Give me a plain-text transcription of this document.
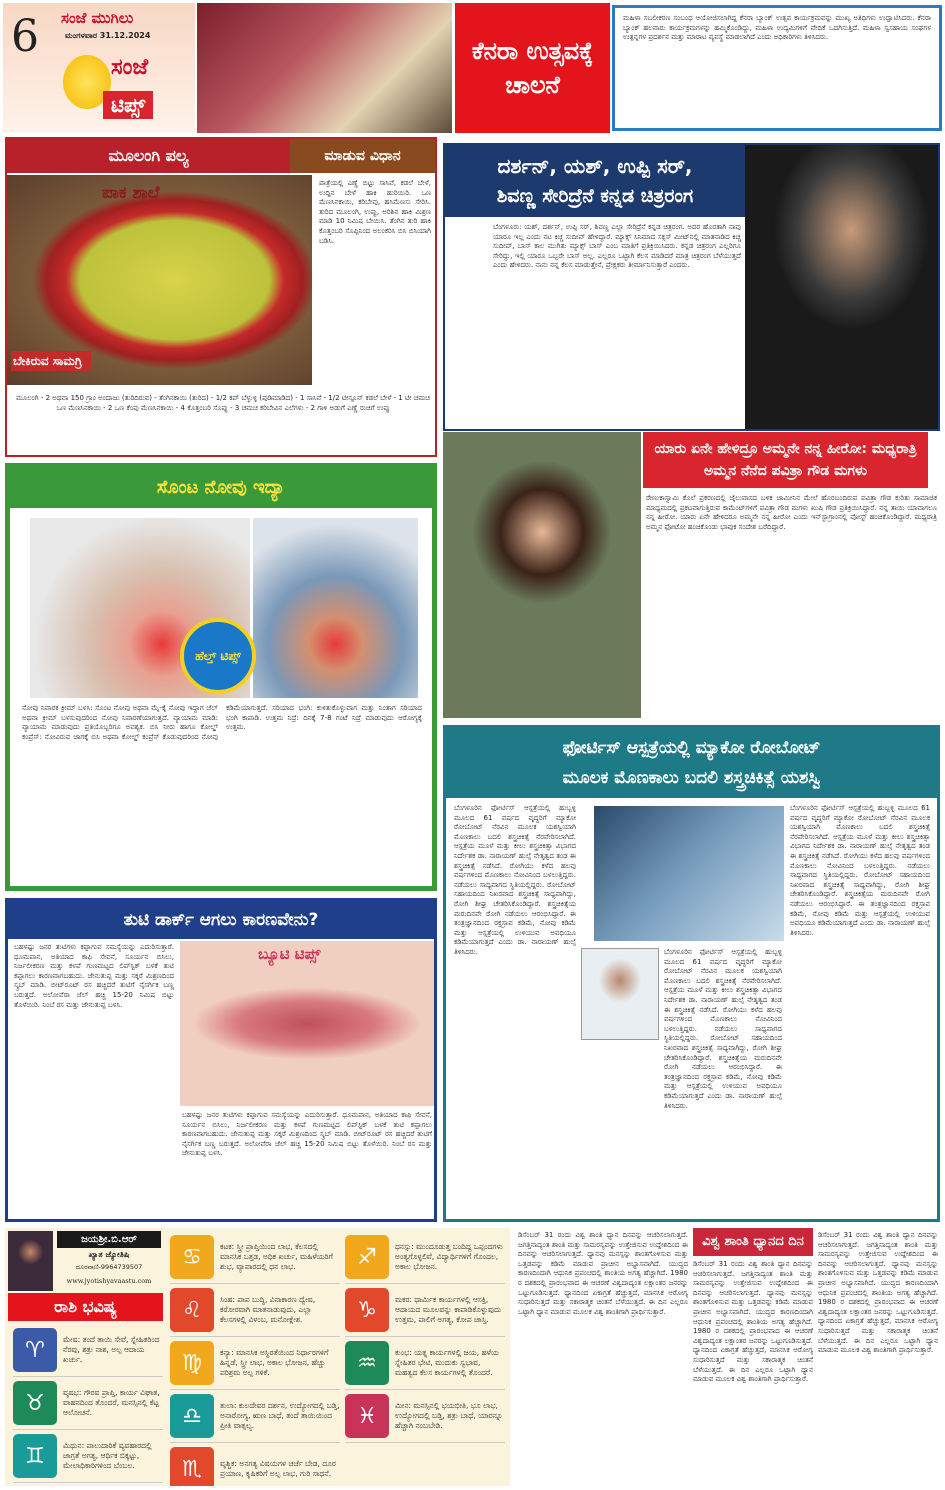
6 ಸಂಜೆ ಮುಗಿಲು
ಮಂಗಳವಾರ 31.12.2024
ಸಂಜೆ
ಟಿಪ್ಸ್
ಕೆನರಾ ಉತ್ಸವಕ್ಕೆ ಚಾಲನೆ
ಮಹಿಳಾ ಸಬಲೀಕರಣ ಸಂಬಂಧ ಆಯೋಜಿಸಲಾಗಿದ್ದ ಕೆನರಾ ಬ್ಯಾಂಕ್ ಉತ್ಸವ ಕಾರ್ಯಕ್ರಮವನ್ನು ಮುಖ್ಯ ಅತಿಥಿಗಳು ಉದ್ಘಾಟಿಸಿದರು. ಕೆನರಾ ಬ್ಯಾಂಕ್ ಹಲವಾರು ಕಾರ್ಯಕ್ರಮಗಳನ್ನು ಹಮ್ಮಿಕೊಂಡಿದ್ದು, ಮಹಿಳಾ ಉದ್ಯಮಿಗಳಿಗೆ ವೇದಿಕೆ ಒದಗಿಸುತ್ತಿದೆ. ಮಹಿಳಾ ಸ್ವಸಹಾಯ ಸಂಘಗಳ ಉತ್ಪನ್ನಗಳ ಪ್ರದರ್ಶನ ಮತ್ತು ಮಾರಾಟ ವ್ಯವಸ್ಥೆ ಮಾಡಲಾಗಿದೆ ಎಂದು ಅಧಿಕಾರಿಗಳು ತಿಳಿಸಿದರು.
ಮೂಲಂಗಿ ಪಲ್ಯ	ಮಾಡುವ ವಿಧಾನ
ಪಾಕ ಶಾಲೆ
ಬೇಕಿರುವ ಸಾಮಗ್ರಿ
ಪಾತ್ರೆಯಲ್ಲಿ ಎಣ್ಣೆ ಬಿಟ್ಟು ಸಾಸಿವೆ, ಕಡಲೆ ಬೇಳೆ, ಉದ್ದಿನ ಬೇಳೆ ಹಾಕಿ ಹುರಿಯಿರಿ. ಒಣ ಮೆಣಸಿನಕಾಯಿ, ಕರಿಬೇವು, ಹಸಿಮೆಣಸು ಸೇರಿಸಿ. ತುರಿದ ಮೂಲಂಗಿ, ಉಪ್ಪು, ಅರಿಶಿನ ಹಾಕಿ ಮಿಶ್ರಣ ಮಾಡಿ 10 ನಿಮಿಷ ಬೇಯಿಸಿ. ತೆಂಗಿನ ತುರಿ ಹಾಕಿ ಕೊತ್ತಂಬರಿ ಸೊಪ್ಪಿನಿಂದ ಅಲಂಕರಿಸಿ ಬಿಸಿ ಬಿಸಿಯಾಗಿ ಬಡಿಸಿ.
ಮೂಲಂಗಿ - 2 ಅಥವಾ 150 ಗ್ರಾಂ ಅಂದಾಜು (ತುರಿದಿರುವ) - ತೆಂಗಿನಕಾಯಿ (ತುರಿದ) - 1/2 ಕಪ್ ಬೆಳ್ಳುಳ್ಳಿ (ಪುಡಿಮಾಡಿದ) - 1 ಸಾಸಿವೆ - 1/2 ಟೀಸ್ಪೂನ್ ಕಡಲೆ ಬೇಳೆ - 1 ಟೀ ಚಮಚ ಒಣ ಮೆಣಸಿನಕಾಯಿ - 2 ಒಣ ಕೆಂಪು ಮೆಣಸಿನಕಾಯಿ - 4 ಕೊತ್ತಂಬರಿ ಸೊಪ್ಪು - 3 ಚಮಚ ಕರಿಬೇವಿನ ಎಲೆಗಳು - 2 ಗಾಳಿ ಅಡುಗೆ ಎಣ್ಣೆ ರುಚಿಗೆ ಉಪ್ಪು
ಸೊಂಟ ನೋವು ಇದ್ಯಾ
ಹೆಲ್ತ್ ಟಿಪ್ಸ್
ನೋವು ನಿವಾರಕ ಕ್ರೀಮ್ ಬಳಸಿ: ಸೊಂಟ ನೋವು ಅಥವಾ ಮೈ-ಕೈ ನೋವು ಇದ್ದಾಗ ಜೆಲ್ ಅಥವಾ ಕ್ರೀಮ್ ಬಳಸುವುದರಿಂದ ನೋವು ನಿವಾರಣೆಯಾಗುತ್ತದೆ. ವ್ಯಾಯಾಮ ಮಾಡಿ: ವ್ಯಾಯಾಮ ಮಾಡುವುದು ಪ್ರತಿಯೊಬ್ಬರಿಗೂ ಅವಶ್ಯಕ. ಬಿಸಿ ನೀರು ಹಾಗೂ ಕೋಲ್ಡ್ ಕಂಪ್ರೆಸ್: ನೋವಿರುವ ಜಾಗಕ್ಕೆ ಬಿಸಿ ಅಥವಾ ಕೋಲ್ಡ್ ಕಂಪ್ರೆಸ್ ಕೊಡುವುದರಿಂದ ನೋವು ಕಡಿಮೆಯಾಗುತ್ತದೆ. ಸರಿಯಾದ ಭಂಗಿ: ಕುಳಿತುಕೊಳ್ಳುವಾಗ ಮತ್ತು ನಿಂತಾಗ ಸರಿಯಾದ ಭಂಗಿ ಕಾಪಾಡಿ. ಉತ್ತಮ ನಿದ್ರೆ: ದಿನಕ್ಕೆ 7-8 ಗಂಟೆ ನಿದ್ರೆ ಮಾಡುವುದು ಆರೋಗ್ಯಕ್ಕೆ ಉತ್ತಮ.
ತುಟಿ ಡಾರ್ಕ್ ಆಗಲು ಕಾರಣವೇನು?
ಬ್ಯೂಟಿ ಟಿಪ್ಸ್
ಬಹಳಷ್ಟು ಜನರ ತುಟಿಗಳು ಕಪ್ಪಾಗುವ ಸಮಸ್ಯೆಯನ್ನು ಎದುರಿಸುತ್ತಾರೆ. ಧೂಮಪಾನ, ಅತಿಯಾದ ಕಾಫಿ ಸೇವನೆ, ಸೂರ್ಯನ ಬಿಸಿಲು, ನಿರ್ಜಲೀಕರಣ ಮತ್ತು ಕಳಪೆ ಗುಣಮಟ್ಟದ ಲಿಪ್‌ಸ್ಟಿಕ್ ಬಳಕೆ ತುಟಿ ಕಪ್ಪಾಗಲು ಕಾರಣವಾಗಬಹುದು. ಜೇನುತುಪ್ಪ ಮತ್ತು ಸಕ್ಕರೆ ಮಿಶ್ರಣದಿಂದ ಸ್ಕ್ರಬ್ ಮಾಡಿ. ಬೀಟ್‌ರೂಟ್ ರಸ ಹಚ್ಚಿದರೆ ತುಟಿಗೆ ನೈಸರ್ಗಿಕ ಬಣ್ಣ ಬರುತ್ತದೆ. ಅಲೋವೆರಾ ಜೆಲ್ ಹಚ್ಚಿ 15-20 ನಿಮಿಷ ಬಿಟ್ಟು ತೊಳೆಯಿರಿ. ನಿಂಬೆ ರಸ ಮತ್ತು ಜೇನುತುಪ್ಪ ಬಳಸಿ.
ಬಹಳಷ್ಟು ಜನರ ತುಟಿಗಳು ಕಪ್ಪಾಗುವ ಸಮಸ್ಯೆಯನ್ನು ಎದುರಿಸುತ್ತಾರೆ. ಧೂಮಪಾನ, ಅತಿಯಾದ ಕಾಫಿ ಸೇವನೆ, ಸೂರ್ಯನ ಬಿಸಿಲು, ನಿರ್ಜಲೀಕರಣ ಮತ್ತು ಕಳಪೆ ಗುಣಮಟ್ಟದ ಲಿಪ್‌ಸ್ಟಿಕ್ ಬಳಕೆ ತುಟಿ ಕಪ್ಪಾಗಲು ಕಾರಣವಾಗಬಹುದು. ಜೇನುತುಪ್ಪ ಮತ್ತು ಸಕ್ಕರೆ ಮಿಶ್ರಣದಿಂದ ಸ್ಕ್ರಬ್ ಮಾಡಿ. ಬೀಟ್‌ರೂಟ್ ರಸ ಹಚ್ಚಿದರೆ ತುಟಿಗೆ ನೈಸರ್ಗಿಕ ಬಣ್ಣ ಬರುತ್ತದೆ. ಅಲೋವೆರಾ ಜೆಲ್ ಹಚ್ಚಿ 15-20 ನಿಮಿಷ ಬಿಟ್ಟು ತೊಳೆಯಿರಿ. ನಿಂಬೆ ರಸ ಮತ್ತು ಜೇನುತುಪ್ಪ ಬಳಸಿ.
ದರ್ಶನ್, ಯಶ್, ಉಪ್ಪಿ ಸರ್,
ಶಿವಣ್ಣ ಸೇರಿದ್ರೆನೆ ಕನ್ನಡ ಚಿತ್ರರಂಗ
ಬೆಂಗಳೂರು: ಯಶ್, ದರ್ಶನ್, ಉಪ್ಪಿ ಸರ್, ಶಿವಣ್ಣ ಎಲ್ಲಾ ಸೇರಿದ್ರೆನೆ ಕನ್ನಡ ಚಿತ್ರರಂಗ. ಅದರ ಹೊರತಾಗಿ ನಾವು ಯಾರೂ ಇಲ್ಲ ಎಂದು ನಟ ಕಿಚ್ಚ ಸುದೀಪ್ ಹೇಳಿದ್ದಾರೆ. ಮ್ಯಾಕ್ಸ್ ಸಿನಿಮಾದ ಸಕ್ಸಸ್ ಮೀಟ್‌ನಲ್ಲಿ ಮಾತನಾಡಿದ ಕಿಚ್ಚ ಸುದೀಪ್, ಬಾಸ್ ಕಾಲ ಮುಗಿತು ಮ್ಯಾಕ್ಸ್ ಬಾಸ್ ಎಂಬ ಮಾತಿಗೆ ಪ್ರತಿಕ್ರಿಯಿಸಿದರು. ಕನ್ನಡ ಚಿತ್ರರಂಗ ಎಲ್ಲರಿಗೂ ಸೇರಿದ್ದು, ಇಲ್ಲಿ ಯಾರೂ ಒಬ್ಬರೇ ಬಾಸ್ ಅಲ್ಲ. ಎಲ್ಲರೂ ಒಟ್ಟಾಗಿ ಕೆಲಸ ಮಾಡಿದರೆ ಮಾತ್ರ ಚಿತ್ರರಂಗ ಬೆಳೆಯುತ್ತದೆ ಎಂದು ಹೇಳಿದರು. ನಾನು ನನ್ನ ಕೆಲಸ ಮಾಡುತ್ತೇನೆ, ಪ್ರೇಕ್ಷಕರು ತೀರ್ಮಾನಿಸುತ್ತಾರೆ ಎಂದರು.
ಯಾರು ಏನೇ ಹೇಳಿದ್ರೂ ಅಮ್ಮನೇ ನನ್ನ ಹೀರೋ: ಮಧ್ಯರಾತ್ರಿ ಅಮ್ಮನ ನೆನೆದ ಪವಿತ್ರಾ ಗೌಡ ಮಗಳು
ರೇಣುಕಾಸ್ವಾಮಿ ಕೊಲೆ ಪ್ರಕರಣದಲ್ಲಿ ಜೈಲುವಾಸದ ಬಳಿಕ ಜಾಮೀನಿನ ಮೇಲೆ ಹೊರಬಂದಿರುವ ಪವಿತ್ರಾ ಗೌಡ ಕುರಿತು ಸಾಮಾಜಿಕ ಮಾಧ್ಯಮದಲ್ಲಿ ಪ್ರಕಟವಾಗುತ್ತಿರುವ ಕಾಮೆಂಟ್‌ಗಳಿಗೆ ಪವಿತ್ರಾ ಗೌಡ ಮಗಳು ಖುಷಿ ಗೌಡ ಪ್ರತಿಕ್ರಿಯಿಸಿದ್ದಾರೆ. ನನ್ನ ತಾಯಿ ಯಾವಾಗಲೂ ನನ್ನ ಹೀರೋ. ಯಾರು ಏನೇ ಹೇಳಿದರೂ ಅಮ್ಮನೇ ನನ್ನ ಹೀರೋ ಎಂದು ಇನ್‌ಸ್ಟಾಗ್ರಾಂನಲ್ಲಿ ಪೋಸ್ಟ್ ಹಂಚಿಕೊಂಡಿದ್ದಾರೆ. ಮಧ್ಯರಾತ್ರಿ ಅಮ್ಮನ ಫೋಟೋ ಹಂಚಿಕೊಂಡು ಭಾವುಕ ಸಂದೇಶ ಬರೆದಿದ್ದಾರೆ.
ಫೋರ್ಟಿಸ್ ಆಸ್ಪತ್ರೆಯಲ್ಲಿ ಮ್ಯಾಕೋ ರೋಬೋಟ್
ಮೂಲಕ ಮೊಣಕಾಲು ಬದಲಿ ಶಸ್ತ್ರಚಿಕಿತ್ಸೆ ಯಶಸ್ವಿ
ಬೆಂಗಳೂರಿನ ಫೋರ್ಟಿಸ್ ಆಸ್ಪತ್ರೆಯಲ್ಲಿ ಹುಬ್ಬಳ್ಳಿ ಮೂಲದ 61 ವರ್ಷದ ವೃದ್ಧರಿಗೆ ಮ್ಯಾಕೋ ರೋಬೋಟ್ ನೆರವಿನ ಮೂಲಕ ಯಶಸ್ವಿಯಾಗಿ ಮೊಣಕಾಲು ಬದಲಿ ಶಸ್ತ್ರಚಿಕಿತ್ಸೆ ನೆರವೇರಿಸಲಾಗಿದೆ. ಆಸ್ಪತ್ರೆಯ ಮೂಳೆ ಮತ್ತು ಕೀಲು ಶಸ್ತ್ರಚಿಕಿತ್ಸಾ ವಿಭಾಗದ ನಿರ್ದೇಶಕ ಡಾ. ನಾರಾಯಣ್ ಹುಲ್ಸೆ ನೇತೃತ್ವದ ತಂಡ ಈ ಶಸ್ತ್ರಚಿಕಿತ್ಸೆ ನಡೆಸಿದೆ. ರೋಗಿಯು ಕಳೆದ ಹಲವು ವರ್ಷಗಳಿಂದ ಮೊಣಕಾಲು ನೋವಿನಿಂದ ಬಳಲುತ್ತಿದ್ದರು. ನಡೆಯಲು ಸಾಧ್ಯವಾಗದ ಸ್ಥಿತಿಯಲ್ಲಿದ್ದರು. ರೋಬೋಟ್ ಸಹಾಯದಿಂದ ನಿಖರವಾದ ಶಸ್ತ್ರಚಿಕಿತ್ಸೆ ಸಾಧ್ಯವಾಗಿದ್ದು, ರೋಗಿ ಶೀಘ್ರ ಚೇತರಿಸಿಕೊಂಡಿದ್ದಾರೆ. ಶಸ್ತ್ರಚಿಕಿತ್ಸೆಯ ಮರುದಿನವೇ ರೋಗಿ ನಡೆಯಲು ಆರಂಭಿಸಿದ್ದಾರೆ. ಈ ತಂತ್ರಜ್ಞಾನದಿಂದ ರಕ್ತಸ್ರಾವ ಕಡಿಮೆ, ನೋವು ಕಡಿಮೆ ಮತ್ತು ಆಸ್ಪತ್ರೆಯಲ್ಲಿ ಉಳಿಯುವ ಅವಧಿಯೂ ಕಡಿಮೆಯಾಗುತ್ತದೆ ಎಂದು ಡಾ. ನಾರಾಯಣ್ ಹುಲ್ಸೆ ತಿಳಿಸಿದರು.	ಬೆಂಗಳೂರಿನ ಫೋರ್ಟಿಸ್ ಆಸ್ಪತ್ರೆಯಲ್ಲಿ ಹುಬ್ಬಳ್ಳಿ ಮೂಲದ 61 ವರ್ಷದ ವೃದ್ಧರಿಗೆ ಮ್ಯಾಕೋ ರೋಬೋಟ್ ನೆರವಿನ ಮೂಲಕ ಯಶಸ್ವಿಯಾಗಿ ಮೊಣಕಾಲು ಬದಲಿ ಶಸ್ತ್ರಚಿಕಿತ್ಸೆ ನೆರವೇರಿಸಲಾಗಿದೆ. ಆಸ್ಪತ್ರೆಯ ಮೂಳೆ ಮತ್ತು ಕೀಲು ಶಸ್ತ್ರಚಿಕಿತ್ಸಾ ವಿಭಾಗದ ನಿರ್ದೇಶಕ ಡಾ. ನಾರಾಯಣ್ ಹುಲ್ಸೆ ನೇತೃತ್ವದ ತಂಡ ಈ ಶಸ್ತ್ರಚಿಕಿತ್ಸೆ ನಡೆಸಿದೆ. ರೋಗಿಯು ಕಳೆದ ಹಲವು ವರ್ಷಗಳಿಂದ ಮೊಣಕಾಲು ನೋವಿನಿಂದ ಬಳಲುತ್ತಿದ್ದರು. ನಡೆಯಲು ಸಾಧ್ಯವಾಗದ ಸ್ಥಿತಿಯಲ್ಲಿದ್ದರು. ರೋಬೋಟ್ ಸಹಾಯದಿಂದ ನಿಖರವಾದ ಶಸ್ತ್ರಚಿಕಿತ್ಸೆ ಸಾಧ್ಯವಾಗಿದ್ದು, ರೋಗಿ ಶೀಘ್ರ ಚೇತರಿಸಿಕೊಂಡಿದ್ದಾರೆ. ಶಸ್ತ್ರಚಿಕಿತ್ಸೆಯ ಮರುದಿನವೇ ರೋಗಿ ನಡೆಯಲು ಆರಂಭಿಸಿದ್ದಾರೆ. ಈ ತಂತ್ರಜ್ಞಾನದಿಂದ ರಕ್ತಸ್ರಾವ ಕಡಿಮೆ, ನೋವು ಕಡಿಮೆ ಮತ್ತು ಆಸ್ಪತ್ರೆಯಲ್ಲಿ ಉಳಿಯುವ ಅವಧಿಯೂ ಕಡಿಮೆಯಾಗುತ್ತದೆ ಎಂದು ಡಾ. ನಾರಾಯಣ್ ಹುಲ್ಸೆ ತಿಳಿಸಿದರು.
ಬೆಂಗಳೂರಿನ ಫೋರ್ಟಿಸ್ ಆಸ್ಪತ್ರೆಯಲ್ಲಿ ಹುಬ್ಬಳ್ಳಿ ಮೂಲದ 61 ವರ್ಷದ ವೃದ್ಧರಿಗೆ ಮ್ಯಾಕೋ ರೋಬೋಟ್ ನೆರವಿನ ಮೂಲಕ ಯಶಸ್ವಿಯಾಗಿ ಮೊಣಕಾಲು ಬದಲಿ ಶಸ್ತ್ರಚಿಕಿತ್ಸೆ ನೆರವೇರಿಸಲಾಗಿದೆ. ಆಸ್ಪತ್ರೆಯ ಮೂಳೆ ಮತ್ತು ಕೀಲು ಶಸ್ತ್ರಚಿಕಿತ್ಸಾ ವಿಭಾಗದ ನಿರ್ದೇಶಕ ಡಾ. ನಾರಾಯಣ್ ಹುಲ್ಸೆ ನೇತೃತ್ವದ ತಂಡ ಈ ಶಸ್ತ್ರಚಿಕಿತ್ಸೆ ನಡೆಸಿದೆ. ರೋಗಿಯು ಕಳೆದ ಹಲವು ವರ್ಷಗಳಿಂದ ಮೊಣಕಾಲು ನೋವಿನಿಂದ ಬಳಲುತ್ತಿದ್ದರು. ನಡೆಯಲು ಸಾಧ್ಯವಾಗದ ಸ್ಥಿತಿಯಲ್ಲಿದ್ದರು. ರೋಬೋಟ್ ಸಹಾಯದಿಂದ ನಿಖರವಾದ ಶಸ್ತ್ರಚಿಕಿತ್ಸೆ ಸಾಧ್ಯವಾಗಿದ್ದು, ರೋಗಿ ಶೀಘ್ರ ಚೇತರಿಸಿಕೊಂಡಿದ್ದಾರೆ. ಶಸ್ತ್ರಚಿಕಿತ್ಸೆಯ ಮರುದಿನವೇ ರೋಗಿ ನಡೆಯಲು ಆರಂಭಿಸಿದ್ದಾರೆ. ಈ ತಂತ್ರಜ್ಞಾನದಿಂದ ರಕ್ತಸ್ರಾವ ಕಡಿಮೆ, ನೋವು ಕಡಿಮೆ ಮತ್ತು ಆಸ್ಪತ್ರೆಯಲ್ಲಿ ಉಳಿಯುವ ಅವಧಿಯೂ ಕಡಿಮೆಯಾಗುತ್ತದೆ ಎಂದು ಡಾ. ನಾರಾಯಣ್ ಹುಲ್ಸೆ ತಿಳಿಸಿದರು.
ಜಯಶ್ರೀ.ಬಿ.ಆರ್
ಖ್ಯಾತ ಜ್ಯೋತಿಷಿ
ದೂರವಾಣಿ-9964739507
www.jyotishyavaastu.com
ರಾಶಿ ಭವಿಷ್ಯ
♈	ಮೇಷ: ತಂದೆ ತಾಯಿ ಸೇವೆ, ಸ್ನೇಹಿತರಿಂದ ನೆರವು, ಶತ್ರು ನಾಶ, ಅಲ್ಪ ಆದಾಯ ಖರ್ಚು.
♉	ವೃಷಭ: ಗೌರವ ಪ್ರಾಪ್ತಿ, ಕಾರ್ಯ ವಿಘಾತ, ವಾಹನದಿಂದ ತೊಂದರೆ, ಮನಸ್ಸಿನಲ್ಲಿ ಕೆಟ್ಟ ಆಲೋಚನೆ.
♊	ಮಿಥುನ: ಪಾಲುದಾರಿಕೆ ವ್ಯವಹಾರದಲ್ಲಿ ಜಾಗ್ರತೆ ಅಗತ್ಯ, ಆರ್ಥಿಕ ಬಿಕ್ಕಟ್ಟು, ಮೇಲಾಧಿಕಾರಿಗಳಿಂದ ಬೆಂಬಲ.
♋	ಕಟಕ: ಸ್ತ್ರೀ ಪ್ರಾಪ್ತಿಯಿಂದ ಲಾಭ, ಕೆಲಸದಲ್ಲಿ ಮಾನಸಿಕ ಒತ್ತಡ, ಅಧಿಕ ಖರ್ಚು, ಮಹಿಳೆಯರಿಗೆ ಶುಭ, ವ್ಯಾಪಾರದಲ್ಲಿ ಧನ ಲಾಭ.
♌	ಸಿಂಹ: ಪಾಪ ಬುದ್ಧಿ, ವಿನಾಕಾರಣ ದ್ವೇಷ, ಕಠೋರವಾಗಿ ಮಾತನಾಡುವುದು, ಎಲ್ಲಾ ಕೆಲಸಗಳಲ್ಲಿ ವಿಳಂಬ, ಮನೋಕ್ಲೇಶ.
♍	ಕನ್ಯಾ: ಮಾನಸಿಕ ಅಸ್ಥಿರತೆಯಿಂದ ನಿರ್ಧಾರಗಳಿಗೆ ಹಿನ್ನಡೆ, ಸ್ತ್ರೀ ಲಾಭ, ಅಕಾಲ ಭೋಜನ, ಹೆಚ್ಚು ಪರಿಶ್ರಮ ಅಲ್ಪ ಗಳಿಕೆ.
♎	ತುಲಾ: ಕುಲದೇವರ ದರ್ಶನ, ಉದ್ಯೋಗದಲ್ಲಿ ಬಡ್ತಿ, ಅನಾರೋಗ್ಯ, ಋಣ ಬಾಧೆ, ತಂದೆ ತಾಯಿಯಿಂದ ಪ್ರೀತಿ ವಾತ್ಸಲ್ಯ.
♏	ವೃಶ್ಚಿಕ: ಅನಗತ್ಯ ವಿಷಯಗಳ ಚರ್ಚೆ ಬೇಡ, ದೂರ ಪ್ರಯಾಣ, ಕೃಷಿಕರಿಗೆ ಅಲ್ಪ ಲಾಭ, ಗುರಿ ಸಾಧನೆ.
♐	ಧನಸ್ಸು: ಮುಂದೂಡುತ್ತ ಬಂದಿದ್ದ ಒಪ್ಪಂದಗಳು ಅಂತ್ಯಗೊಳ್ಳಲಿವೆ, ವಿದ್ಯಾರ್ಥಿಗಳಿಗೆ ಗೊಂದಲ, ಅಕಾಲ ಭೋಜನ.
♑	ಮಕರ: ಧಾರ್ಮಿಕ ಕಾರ್ಯಗಳಲ್ಲಿ ಆಸಕ್ತಿ, ಆದಾಯದ ಮೂಲವನ್ನು ಕಾಪಾಡಿಕೊಳ್ಳುವುದು ಉತ್ತಮ, ಪಾಲಿಗೆ ಅಗತ್ಯ, ಕೋಪ ಜಾಸ್ತಿ.
♒	ಕುಂಭ: ಯತ್ನ ಕಾರ್ಯಗಳಲ್ಲಿ ಜಯ, ಹಳೆಯ ಸ್ನೇಹಿತರ ಭೇಟಿ, ಮುದುಕು ಸ್ವಭಾವ, ಮಹತ್ವದ ಕೆಲಸ ಕಾರ್ಯಗಳಲ್ಲಿ ತೊಂದರೆ.
♓	ಮೀನ: ಮನಸ್ಸಿನಲ್ಲಿ ಭಯಭೀತಿ, ಭೂ ಲಾಭ, ಉದ್ಯೋಗದಲ್ಲಿ ಬಡ್ತಿ, ಶತ್ರು ಬಾಧೆ, ಯಾರನ್ನೂ ಹೆಚ್ಚಾಗಿ ನಂಬಬೇಡಿ.
ಡಿಸೆಂಬರ್ 31 ರಂದು ವಿಶ್ವ ಶಾಂತಿ ಧ್ಯಾನ ದಿನವನ್ನು ಆಚರಿಸಲಾಗುತ್ತದೆ. ಜಗತ್ತಿನಾದ್ಯಂತ ಶಾಂತಿ ಮತ್ತು ಸಾಮರಸ್ಯವನ್ನು ಉತ್ತೇಜಿಸುವ ಉದ್ದೇಶದಿಂದ ಈ ದಿನವನ್ನು ಆಚರಿಸಲಾಗುತ್ತದೆ. ಧ್ಯಾನವು ಮನಸ್ಸನ್ನು ಶಾಂತಗೊಳಿಸುವ ಮತ್ತು ಒತ್ತಡವನ್ನು ಕಡಿಮೆ ಮಾಡುವ ಪ್ರಾಚೀನ ಅಭ್ಯಾಸವಾಗಿದೆ. ಯುದ್ಧದ ಕಾರಣದಿಂದಾಗಿ ಆಧುನಿಕ ಪ್ರಪಂಚದಲ್ಲಿ ಶಾಂತಿಯ ಅಗತ್ಯ ಹೆಚ್ಚಾಗಿದೆ. 1980 ರ ದಶಕದಲ್ಲಿ ಪ್ರಾರಂಭವಾದ ಈ ಆಚರಣೆ ವಿಶ್ವದಾದ್ಯಂತ ಲಕ್ಷಾಂತರ ಜನರನ್ನು ಒಟ್ಟುಗೂಡಿಸುತ್ತದೆ. ಧ್ಯಾನದಿಂದ ಏಕಾಗ್ರತೆ ಹೆಚ್ಚುತ್ತದೆ, ಮಾನಸಿಕ ಆರೋಗ್ಯ ಸುಧಾರಿಸುತ್ತದೆ ಮತ್ತು ಸಕಾರಾತ್ಮಕ ಚಿಂತನೆ ಬೆಳೆಯುತ್ತದೆ. ಈ ದಿನ ಎಲ್ಲರೂ ಒಟ್ಟಾಗಿ ಧ್ಯಾನ ಮಾಡುವ ಮೂಲಕ ವಿಶ್ವ ಶಾಂತಿಗಾಗಿ ಪ್ರಾರ್ಥಿಸುತ್ತಾರೆ.
ವಿಶ್ವ ಶಾಂತಿ ಧ್ಯಾನದ ದಿನ
ಡಿಸೆಂಬರ್ 31 ರಂದು ವಿಶ್ವ ಶಾಂತಿ ಧ್ಯಾನ ದಿನವನ್ನು ಆಚರಿಸಲಾಗುತ್ತದೆ. ಜಗತ್ತಿನಾದ್ಯಂತ ಶಾಂತಿ ಮತ್ತು ಸಾಮರಸ್ಯವನ್ನು ಉತ್ತೇಜಿಸುವ ಉದ್ದೇಶದಿಂದ ಈ ದಿನವನ್ನು ಆಚರಿಸಲಾಗುತ್ತದೆ. ಧ್ಯಾನವು ಮನಸ್ಸನ್ನು ಶಾಂತಗೊಳಿಸುವ ಮತ್ತು ಒತ್ತಡವನ್ನು ಕಡಿಮೆ ಮಾಡುವ ಪ್ರಾಚೀನ ಅಭ್ಯಾಸವಾಗಿದೆ. ಯುದ್ಧದ ಕಾರಣದಿಂದಾಗಿ ಆಧುನಿಕ ಪ್ರಪಂಚದಲ್ಲಿ ಶಾಂತಿಯ ಅಗತ್ಯ ಹೆಚ್ಚಾಗಿದೆ. 1980 ರ ದಶಕದಲ್ಲಿ ಪ್ರಾರಂಭವಾದ ಈ ಆಚರಣೆ ವಿಶ್ವದಾದ್ಯಂತ ಲಕ್ಷಾಂತರ ಜನರನ್ನು ಒಟ್ಟುಗೂಡಿಸುತ್ತದೆ. ಧ್ಯಾನದಿಂದ ಏಕಾಗ್ರತೆ ಹೆಚ್ಚುತ್ತದೆ, ಮಾನಸಿಕ ಆರೋಗ್ಯ ಸುಧಾರಿಸುತ್ತದೆ ಮತ್ತು ಸಕಾರಾತ್ಮಕ ಚಿಂತನೆ ಬೆಳೆಯುತ್ತದೆ. ಈ ದಿನ ಎಲ್ಲರೂ ಒಟ್ಟಾಗಿ ಧ್ಯಾನ ಮಾಡುವ ಮೂಲಕ ವಿಶ್ವ ಶಾಂತಿಗಾಗಿ ಪ್ರಾರ್ಥಿಸುತ್ತಾರೆ.
ಡಿಸೆಂಬರ್ 31 ರಂದು ವಿಶ್ವ ಶಾಂತಿ ಧ್ಯಾನ ದಿನವನ್ನು ಆಚರಿಸಲಾಗುತ್ತದೆ. ಜಗತ್ತಿನಾದ್ಯಂತ ಶಾಂತಿ ಮತ್ತು ಸಾಮರಸ್ಯವನ್ನು ಉತ್ತೇಜಿಸುವ ಉದ್ದೇಶದಿಂದ ಈ ದಿನವನ್ನು ಆಚರಿಸಲಾಗುತ್ತದೆ. ಧ್ಯಾನವು ಮನಸ್ಸನ್ನು ಶಾಂತಗೊಳಿಸುವ ಮತ್ತು ಒತ್ತಡವನ್ನು ಕಡಿಮೆ ಮಾಡುವ ಪ್ರಾಚೀನ ಅಭ್ಯಾಸವಾಗಿದೆ. ಯುದ್ಧದ ಕಾರಣದಿಂದಾಗಿ ಆಧುನಿಕ ಪ್ರಪಂಚದಲ್ಲಿ ಶಾಂತಿಯ ಅಗತ್ಯ ಹೆಚ್ಚಾಗಿದೆ. 1980 ರ ದಶಕದಲ್ಲಿ ಪ್ರಾರಂಭವಾದ ಈ ಆಚರಣೆ ವಿಶ್ವದಾದ್ಯಂತ ಲಕ್ಷಾಂತರ ಜನರನ್ನು ಒಟ್ಟುಗೂಡಿಸುತ್ತದೆ. ಧ್ಯಾನದಿಂದ ಏಕಾಗ್ರತೆ ಹೆಚ್ಚುತ್ತದೆ, ಮಾನಸಿಕ ಆರೋಗ್ಯ ಸುಧಾರಿಸುತ್ತದೆ ಮತ್ತು ಸಕಾರಾತ್ಮಕ ಚಿಂತನೆ ಬೆಳೆಯುತ್ತದೆ. ಈ ದಿನ ಎಲ್ಲರೂ ಒಟ್ಟಾಗಿ ಧ್ಯಾನ ಮಾಡುವ ಮೂಲಕ ವಿಶ್ವ ಶಾಂತಿಗಾಗಿ ಪ್ರಾರ್ಥಿಸುತ್ತಾರೆ.
